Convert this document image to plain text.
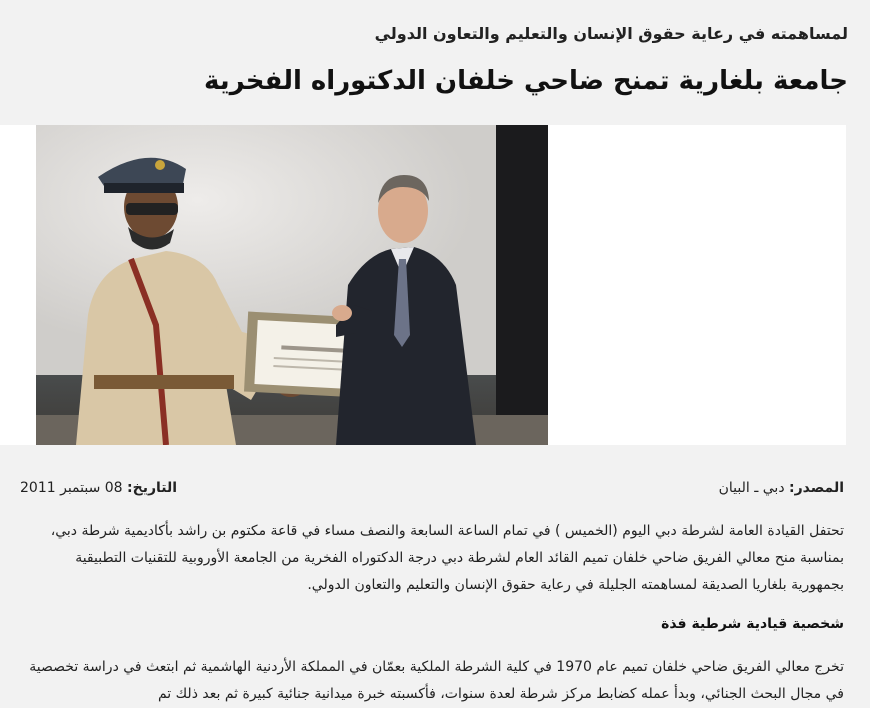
لمساهمته في رعاية حقوق الإنسان والتعليم والتعاون الدولي
جامعة بلغارية تمنح ضاحي خلفان الدكتوراه الفخرية
المصدر: دبي ـ البيان
التاريخ: 08 سبتمبر 2011

تحتفل القيادة العامة لشرطة دبي اليوم (الخميس ) في تمام الساعة السابعة والنصف مساء في قاعة مكتوم بن راشد بأكاديمية شرطة دبي، بمناسبة منح معالي الفريق ضاحي خلفان تميم القائد العام لشرطة دبي درجة الدكتوراه الفخرية من الجامعة الأوروبية للتقنيات التطبيقية بجمهورية بلغاريا الصديقة لمساهمته الجليلة في رعاية حقوق الإنسان والتعليم والتعاون الدولي.

شخصية قيادية شرطية فذة

تخرج معالي الفريق ضاحي خلفان تميم عام 1970 في كلية الشرطة الملكية بعمّان في المملكة الأردنية الهاشمية ثم ابتعث في دراسة تخصصية في مجال البحث الجنائي، وبدأ عمله كضابط مركز شرطة لعدة سنوات، فأكسبته خبرة ميدانية جنائية كبيرة ثم بعد ذلك تم
